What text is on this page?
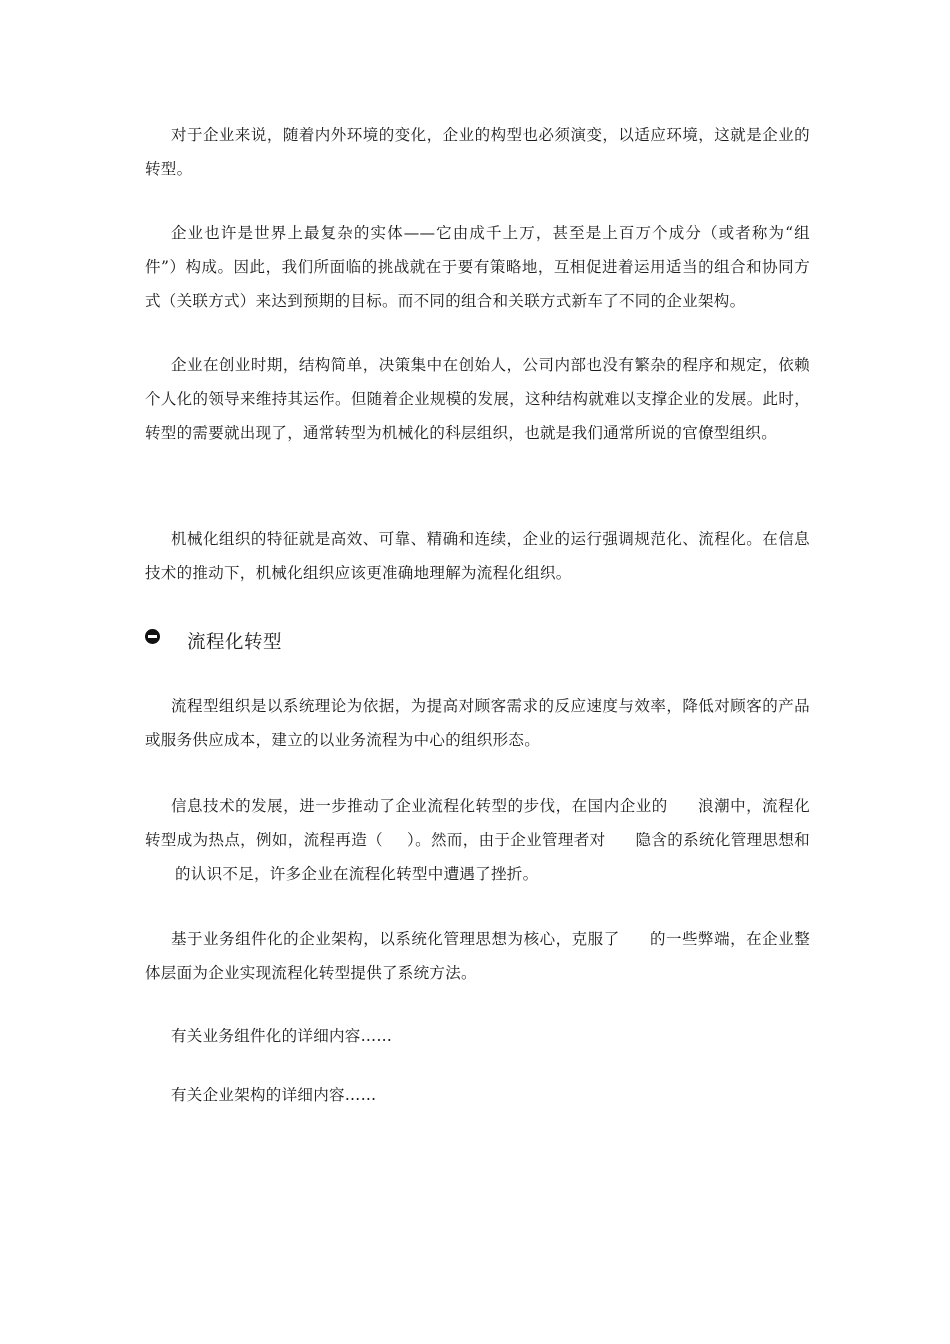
对于企业来说，随着内外环境的变化，企业的构型也必须演变，以适应环境，这就是企业的转型。

企业也许是世界上最复杂的实体——它由成千上万，甚至是上百万个成分（或者称为“组件”）构成。因此，我们所面临的挑战就在于要有策略地，互相促进着运用适当的组合和协同方式（关联方式）来达到预期的目标。而不同的组合和关联方式新车了不同的企业架构。

企业在创业时期，结构简单，决策集中在创始人，公司内部也没有繁杂的程序和规定，依赖个人化的领导来维持其运作。但随着企业规模的发展，这种结构就难以支撑企业的发展。此时，转型的需要就出现了，通常转型为机械化的科层组织，也就是我们通常所说的官僚型组织。

机械化组织的特征就是高效、可靠、精确和连续，企业的运行强调规范化、流程化。在信息技术的推动下，机械化组织应该更准确地理解为流程化组织。

流程化转型

流程型组织是以系统理论为依据，为提高对顾客需求的反应速度与效率，降低对顾客的产品或服务供应成本，建立的以业务流程为中心的组织形态。

信息技术的发展，进一步推动了企业流程化转型的步伐，在国内企业的 浪潮中，流程化转型成为热点，例如，流程再造（ ）。然而，由于企业管理者对 隐含的系统化管理思想和的认识不足，许多企业在流程化转型中遭遇了挫折。

基于业务组件化的企业架构，以系统化管理思想为核心，克服了 的一些弊端，在企业整体层面为企业实现流程化转型提供了系统方法。

有关业务组件化的详细内容……

有关企业架构的详细内容……
